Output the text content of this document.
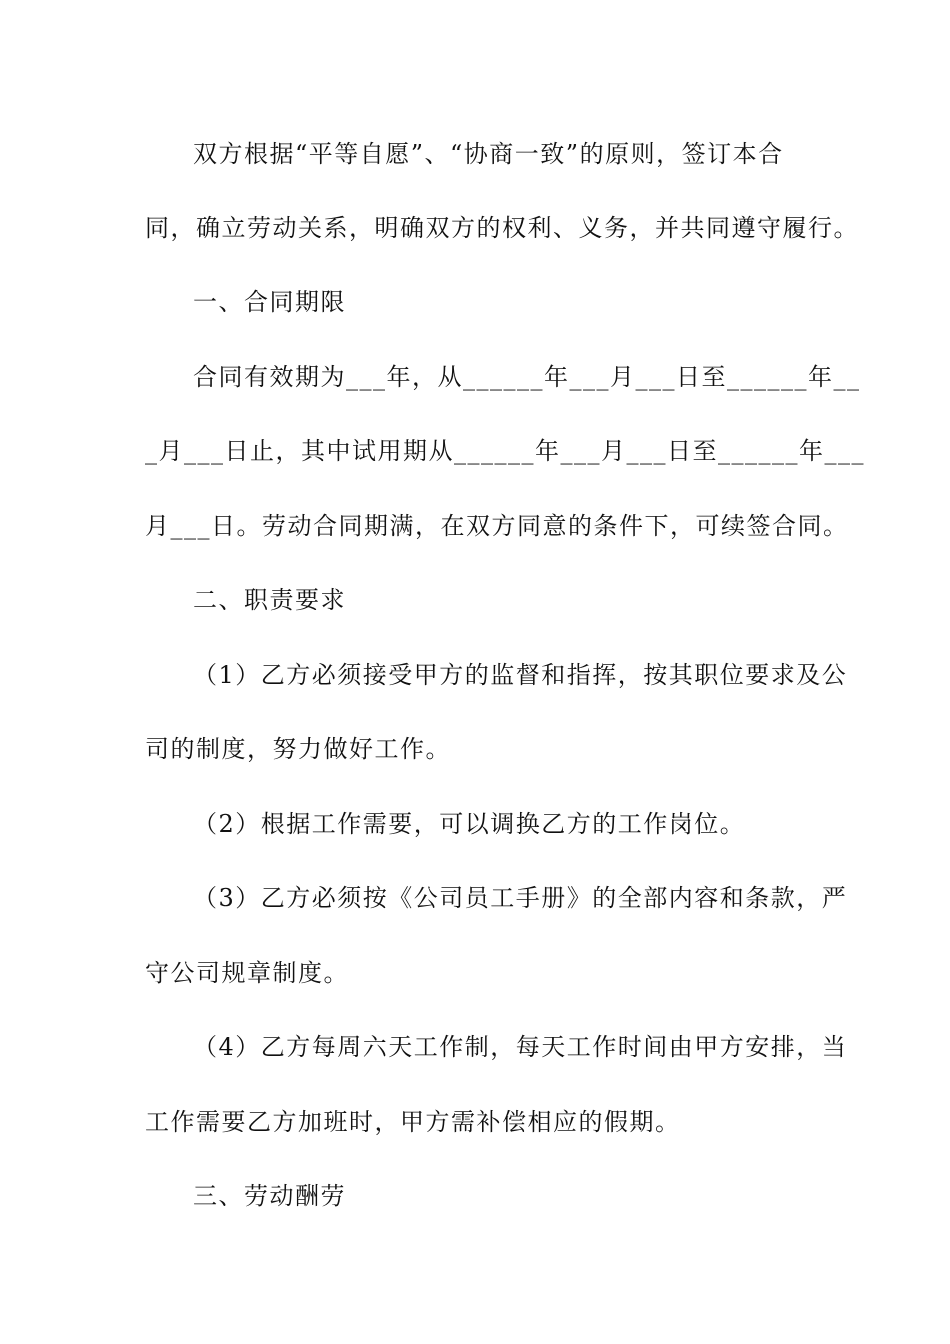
双方根据“平等自愿”、“协商一致”的原则，签订本合
同，确立劳动关系，明确双方的权利、义务，并共同遵守履行。
一、合同期限
合同有效期为___年，从______年___月___日至______年__
_月___日止，其中试用期从______年___月___日至______年___
月___日。劳动合同期满，在双方同意的条件下，可续签合同。
二、职责要求
（1）乙方必须接受甲方的监督和指挥，按其职位要求及公
司的制度，努力做好工作。
（2）根据工作需要，可以调换乙方的工作岗位。
（3）乙方必须按《公司员工手册》的全部内容和条款，严
守公司规章制度。
（4）乙方每周六天工作制，每天工作时间由甲方安排，当
工作需要乙方加班时，甲方需补偿相应的假期。
三、劳动酬劳
